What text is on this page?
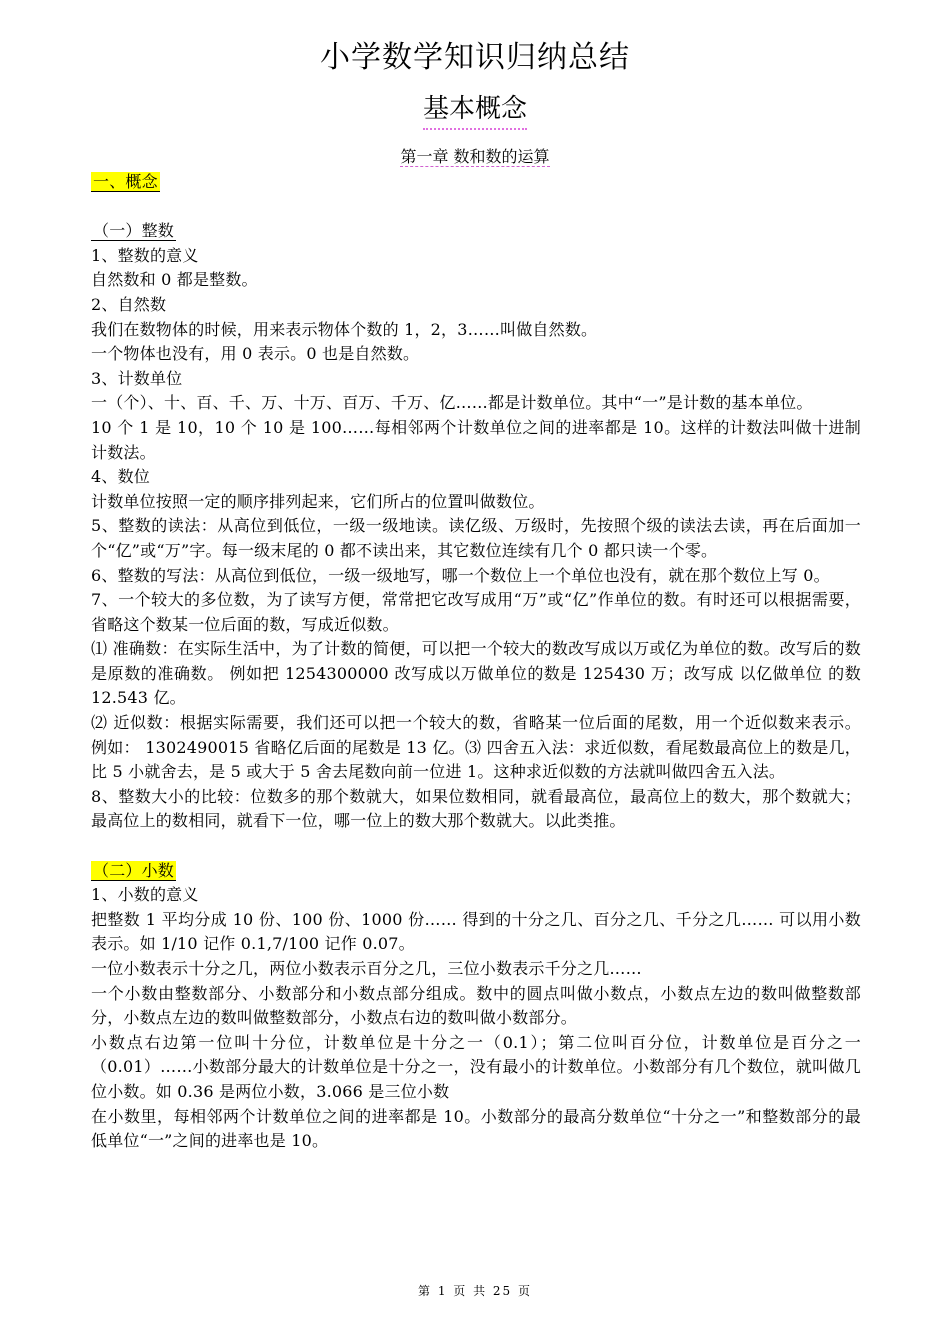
小学数学知识归纳总结
基本概念
第一章 数和数的运算

一、概念

（一）整数

1、整数的意义

自然数和 0 都是整数。

2、自然数

我们在数物体的时候，用来表示物体个数的 1，2，3……叫做自然数。

一个物体也没有，用 0 表示。0 也是自然数。

3、计数单位

一（个）、十、百、千、万、十万、百万、千万、亿……都是计数单位。其中“一”是计数的基本单位。

10 个 1 是 10，10 个 10 是 100……每相邻两个计数单位之间的进率都是 10。这样的计数法叫做十进制计数法。

4、数位

计数单位按照一定的顺序排列起来，它们所占的位置叫做数位。

5、整数的读法：从高位到低位，一级一级地读。读亿级、万级时，先按照个级的读法去读，再在后面加一个“亿”或“万”字。每一级末尾的 0 都不读出来，其它数位连续有几个 0 都只读一个零。

6、整数的写法：从高位到低位，一级一级地写，哪一个数位上一个单位也没有，就在那个数位上写 0。

7、一个较大的多位数，为了读写方便，常常把它改写成用“万”或“亿”作单位的数。有时还可以根据需要，省略这个数某一位后面的数，写成近似数。

⑴ 准确数：在实际生活中，为了计数的简便，可以把一个较大的数改写成以万或亿为单位的数。改写后的数是原数的准确数。 例如把 1254300000 改写成以万做单位的数是 125430 万；改写成 以亿做单位 的数 12.543 亿。

⑵ 近似数：根据实际需要，我们还可以把一个较大的数，省略某一位后面的尾数，用一个近似数来表示。 例如： 1302490015 省略亿后面的尾数是 13 亿。⑶ 四舍五入法：求近似数，看尾数最高位上的数是几，比 5 小就舍去，是 5 或大于 5 舍去尾数向前一位进 1。这种求近似数的方法就叫做四舍五入法。

8、整数大小的比较：位数多的那个数就大，如果位数相同，就看最高位，最高位上的数大，那个数就大；最高位上的数相同，就看下一位，哪一位上的数大那个数就大。以此类推。

（二）小数

1、小数的意义

把整数 1 平均分成 10 份、100 份、1000 份…… 得到的十分之几、百分之几、千分之几…… 可以用小数表示。如 1/10 记作 0.1,7/100 记作 0.07。

一位小数表示十分之几，两位小数表示百分之几，三位小数表示千分之几……

一个小数由整数部分、小数部分和小数点部分组成。数中的圆点叫做小数点，小数点左边的数叫做整数部分，小数点左边的数叫做整数部分，小数点右边的数叫做小数部分。

小数点右边第一位叫十分位，计数单位是十分之一（0.1）；第二位叫百分位，计数单位是百分之一（0.01）……小数部分最大的计数单位是十分之一，没有最小的计数单位。小数部分有几个数位，就叫做几位小数。如 0.36 是两位小数，3.066 是三位小数

在小数里，每相邻两个计数单位之间的进率都是 10。小数部分的最高分数单位“十分之一”和整数部分的最低单位“一”之间的进率也是 10。

第 1 页 共 25 页
